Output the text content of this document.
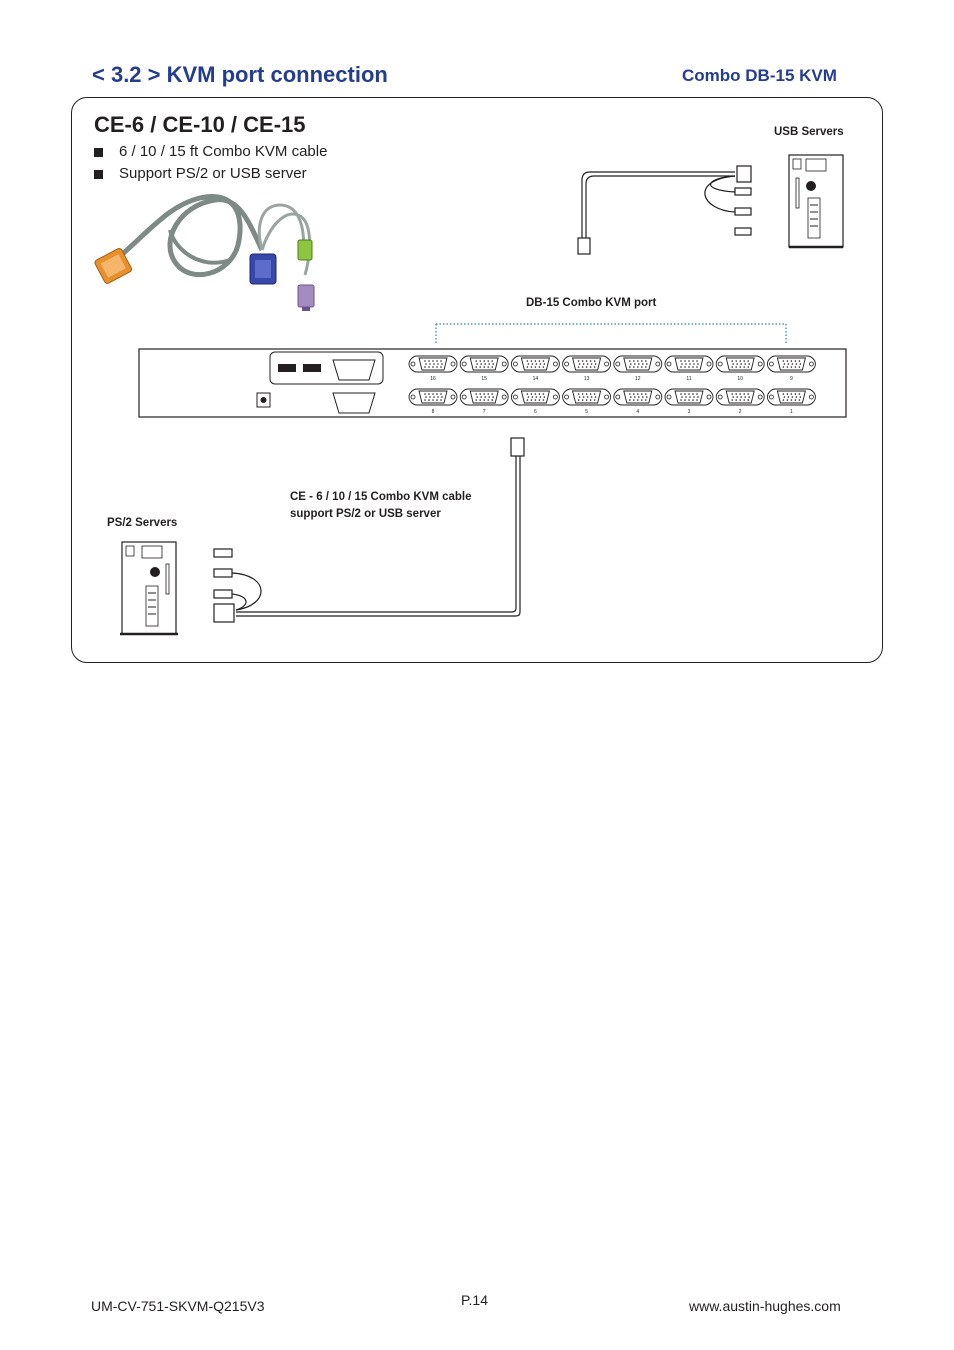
< 3.2 > KVM port connection	Combo DB-15 KVM
CE-6 / CE-10 / CE-15
6 / 10 / 15 ft Combo KVM cable
Support PS/2 or USB server
16	15	14	13	12	11	10	9
8	7	6	5	4	3	2	1
USB Servers
DB-15 Combo KVM port
CE - 6 / 10 / 15 Combo KVM cable
support PS/2 or USB server
PS/2 Servers
UM-CV-751-SKVM-Q215V3	P.14	www.austin-hughes.com
